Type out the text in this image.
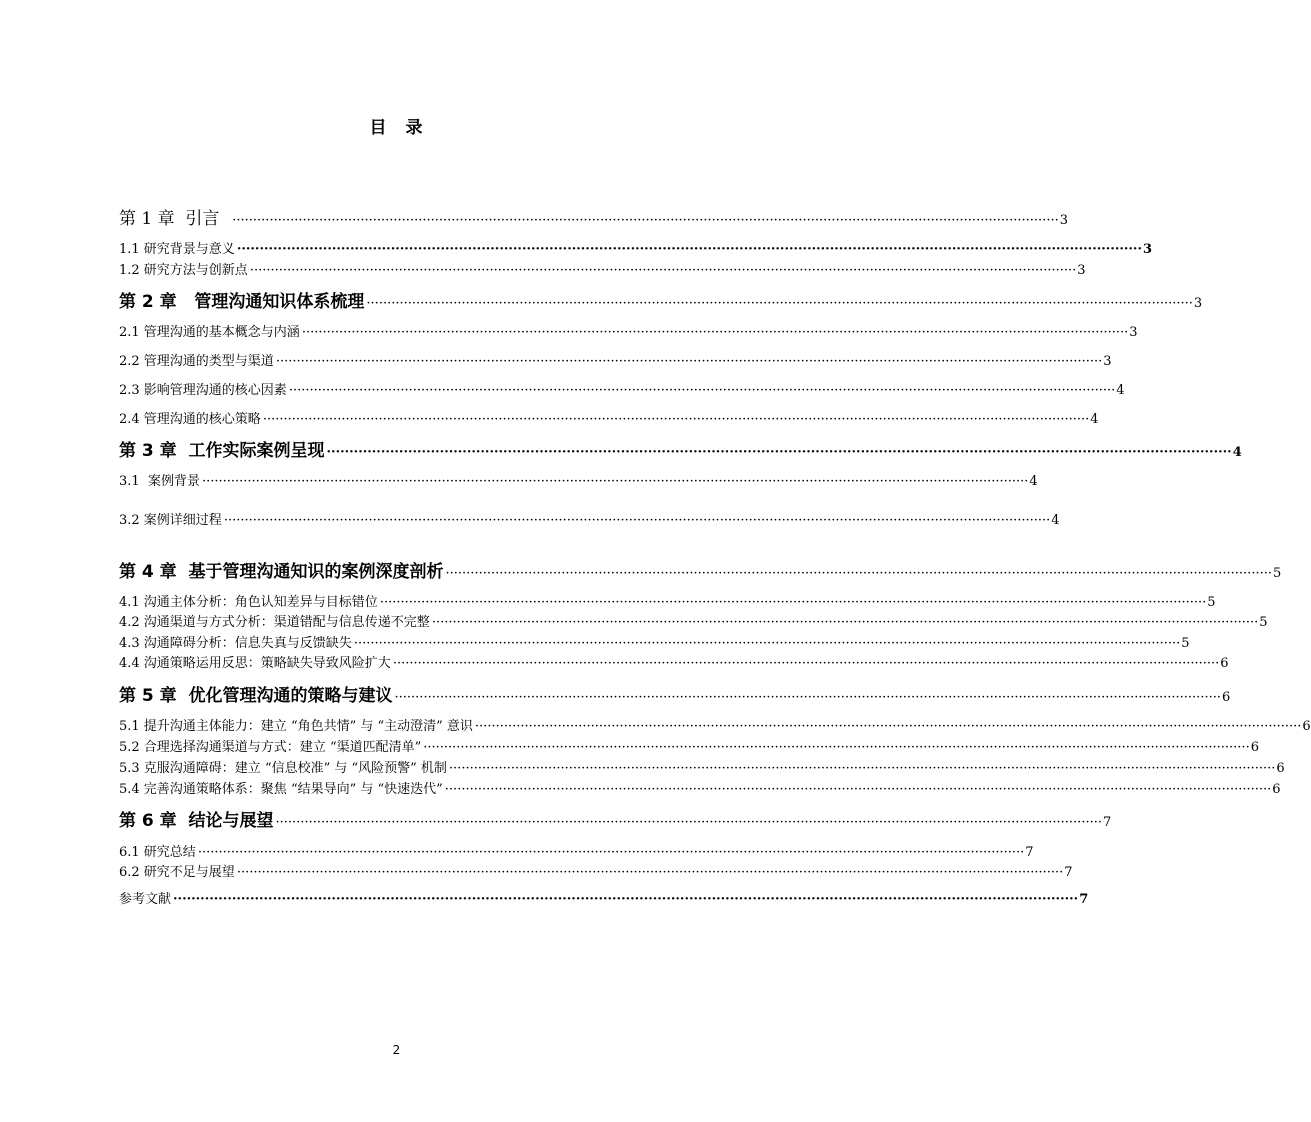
目　录
第 1 章  引言 ········································································································································································································ 3
1.1 研究背景与意义 ········································································································································································································ 3
1.2 研究方法与创新点 ········································································································································································································ 3
第 2 章   管理沟通知识体系梳理 ········································································································································································································ 3
2.1 管理沟通的基本概念与内涵 ········································································································································································································ 3
2.2 管理沟通的类型与渠道 ········································································································································································································ 3
2.3 影响管理沟通的核心因素 ········································································································································································································ 4
2.4 管理沟通的核心策略 ········································································································································································································ 4
第 3 章  工作实际案例呈现 ········································································································································································································ 4
3.1  案例背景 ········································································································································································································ 4
3.2 案例详细过程 ········································································································································································································ 4
第 4 章  基于管理沟通知识的案例深度剖析 ········································································································································································································ 5
4.1 沟通主体分析：角色认知差异与目标错位 ········································································································································································································ 5
4.2 沟通渠道与方式分析：渠道错配与信息传递不完整 ········································································································································································································ 5
4.3 沟通障碍分析：信息失真与反馈缺失 ········································································································································································································ 5
4.4 沟通策略运用反思：策略缺失导致风险扩大 ········································································································································································································ 6
第 5 章  优化管理沟通的策略与建议 ········································································································································································································ 6
5.1 提升沟通主体能力：建立 “角色共情” 与 “主动澄清” 意识 ········································································································································································································ 6
5.2 合理选择沟通渠道与方式：建立 “渠道匹配清单” ········································································································································································································ 6
5.3 克服沟通障碍：建立 “信息校准” 与 “风险预警” 机制 ········································································································································································································ 6
5.4 完善沟通策略体系：聚焦 “结果导向” 与 “快速迭代” ········································································································································································································ 6
第 6 章  结论与展望 ········································································································································································································ 7
6.1 研究总结 ········································································································································································································ 7
6.2 研究不足与展望 ········································································································································································································ 7
参考文献 ········································································································································································································ 7
2
